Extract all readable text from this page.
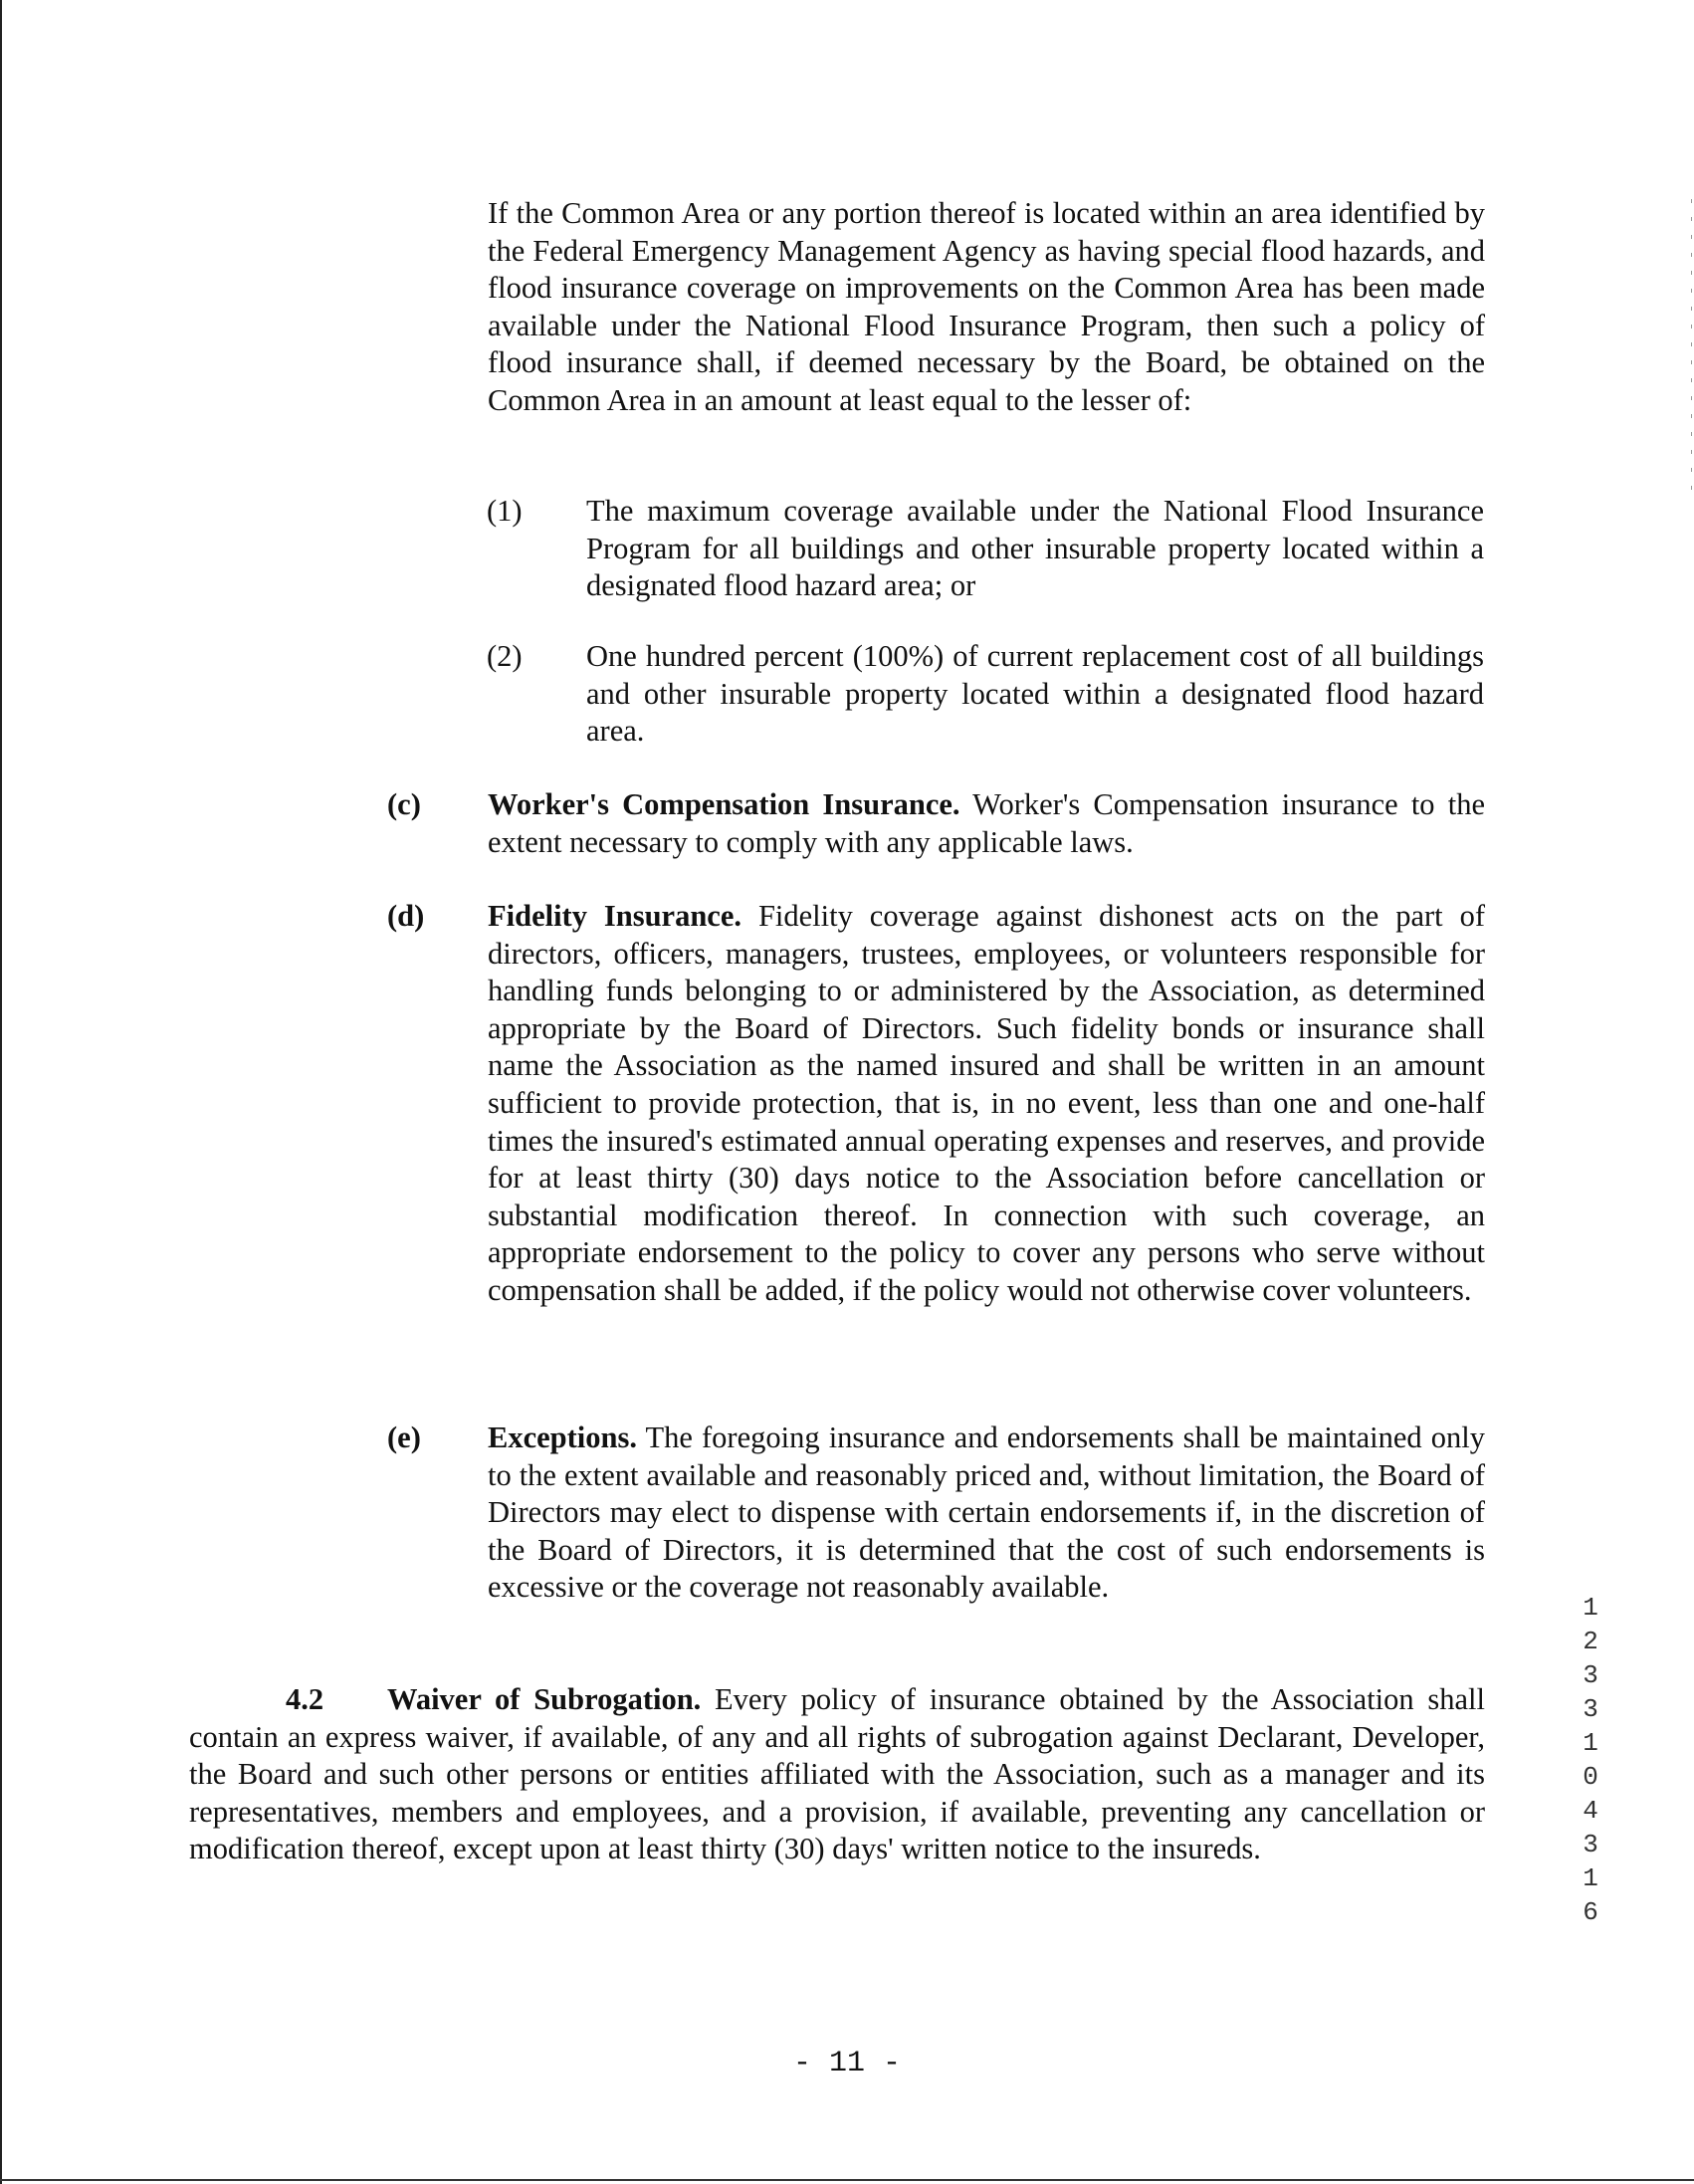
If the Common Area or any portion thereof is located within an area identified by the Federal Emergency Management Agency as having special flood hazards, and flood insurance coverage on improvements on the Common Area has been made available under the National Flood Insurance Program, then such a policy of flood insurance shall, if deemed necessary by the Board, be obtained on the Common Area in an amount at least equal to the lesser of:

(1) The maximum coverage available under the National Flood Insurance Program for all buildings and other insurable property located within a designated flood hazard area; or
(2) One hundred percent (100%) of current replacement cost of all buildings and other insurable property located within a designated flood hazard area.
(c) Worker's Compensation Insurance. Worker's Compensation insurance to the extent necessary to comply with any applicable laws.
(d) Fidelity Insurance. Fidelity coverage against dishonest acts on the part of directors, officers, managers, trustees, employees, or volunteers responsible for handling funds belonging to or administered by the Association, as determined appropriate by the Board of Directors. Such fidelity bonds or insurance shall name the Association as the named insured and shall be written in an amount sufficient to provide protection, that is, in no event, less than one and one-half times the insured's estimated annual operating expenses and reserves, and provide for at least thirty (30) days notice to the Association before cancellation or substantial modification thereof. In connection with such coverage, an appropriate endorsement to the policy to cover any persons who serve without compensation shall be added, if the policy would not otherwise cover volunteers.
(e) Exceptions. The foregoing insurance and endorsements shall be maintained only to the extent available and reasonably priced and, without limitation, the Board of Directors may elect to dispense with certain endorsements if, in the discretion of the Board of Directors, it is determined that the cost of such endorsements is excessive or the coverage not reasonably available.

4.2 Waiver of Subrogation. Every policy of insurance obtained by the Association shall contain an express waiver, if available, of any and all rights of subrogation against Declarant, Developer, the Board and such other persons or entities affiliated with the Association, such as a manager and its representatives, members and employees, and a provision, if available, preventing any cancellation or modification thereof, except upon at least thirty (30) days' written notice to the insureds.

- 11 -
1
2
3
3
1
0
4
3
1
6
